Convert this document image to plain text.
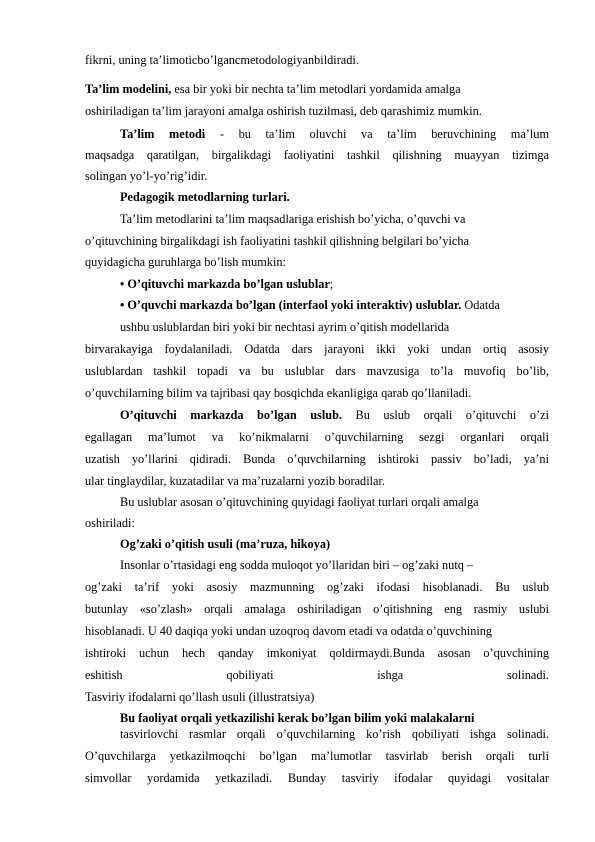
fikrni, uning ta’limoticbo’lgancmetodologiyanbildiradi.
Ta’lim modelini, esa bir yoki bir nechta ta’lim metodlari yordamida amalga
oshiriladigan ta’lim jarayoni amalga oshirish tuzilmasi, deb qarashimiz mumkin.
Ta’lim metodi - bu ta’lim oluvchi va ta’lim beruvchining ma’lum
maqsadga qaratilgan, birgalikdagi faoliyatini tashkil qilishning muayyan tizimga
solingan yo’l-yo’rig’idir.
Pedagogik metodlarning turlari.
Ta’lim metodlarini ta’lim maqsadlariga erishish bo’yicha, o’quvchi va
o’qituvchining birgalikdagi ish faoliyatini tashkil qilishning belgilari bo’yicha
quyidagicha guruhlarga bo’lish mumkin:
• O’qituvchi markazda bo’lgan uslublar;
• O’quvchi markazda bo’lgan (interfaol yoki interaktiv) uslublar. Odatda
ushbu uslublardan biri yoki bir nechtasi ayrim o’qitish modellarida
birvarakayiga foydalaniladi. Odatda dars jarayoni ikki yoki undan ortiq asosiy
uslublardan tashkil topadi va bu uslublar dars mavzusiga to’la muvofiq bo’lib,
o’quvchilarning bilim va tajribasi qay bosqichda ekanligiga qarab qo’llaniladi.
O’qituvchi markazda bo’lgan uslub. Bu uslub orqali o’qituvchi o’zi
egallagan ma’lumot va ko’nikmalarni o’quvchilarning sezgi organlari orqali
uzatish yo’llarini qidiradi. Bunda o’quvchilarning ishtiroki passiv bo’ladi, ya’ni
ular tinglaydilar, kuzatadilar va ma’ruzalarni yozib boradilar.
Bu uslublar asosan o’qituvchining quyidagi faoliyat turlari orqali amalga
oshiriladi:
Og’zaki o’qitish usuli (ma’ruza, hikoya)
Insonlar o’rtasidagi eng sodda muloqot yo’llaridan biri – og’zaki nutq –
og’zaki ta’rif yoki asosiy mazmunning og’zaki ifodasi hisoblanadi. Bu uslub
butunlay «so’zlash» orqali amalaga oshiriladigan o’qitishning eng rasmiy uslubi
hisoblanadi. U 40 daqiqa yoki undan uzoqroq davom etadi va odatda o’quvchining
ishtiroki uchun hech qanday imkoniyat qoldirmaydi.Bunda asosan o’quvchining
eshitish qobiliyati ishga solinadi.
Tasviriy ifodalarni qo’llash usuli (illustratsiya)
Bu faoliyat orqali yetkazilishi kerak bo’lgan bilim yoki malakalarni
tasvirlovchi rasmlar orqali o’quvchilarning ko’rish qobiliyati ishga solinadi.
O’quvchilarga yetkazilmoqchi bo’lgan ma’lumotlar tasvirlab berish orqali turli
simvollar yordamida yetkaziladi. Bunday tasviriy ifodalar quyidagi vositalar
